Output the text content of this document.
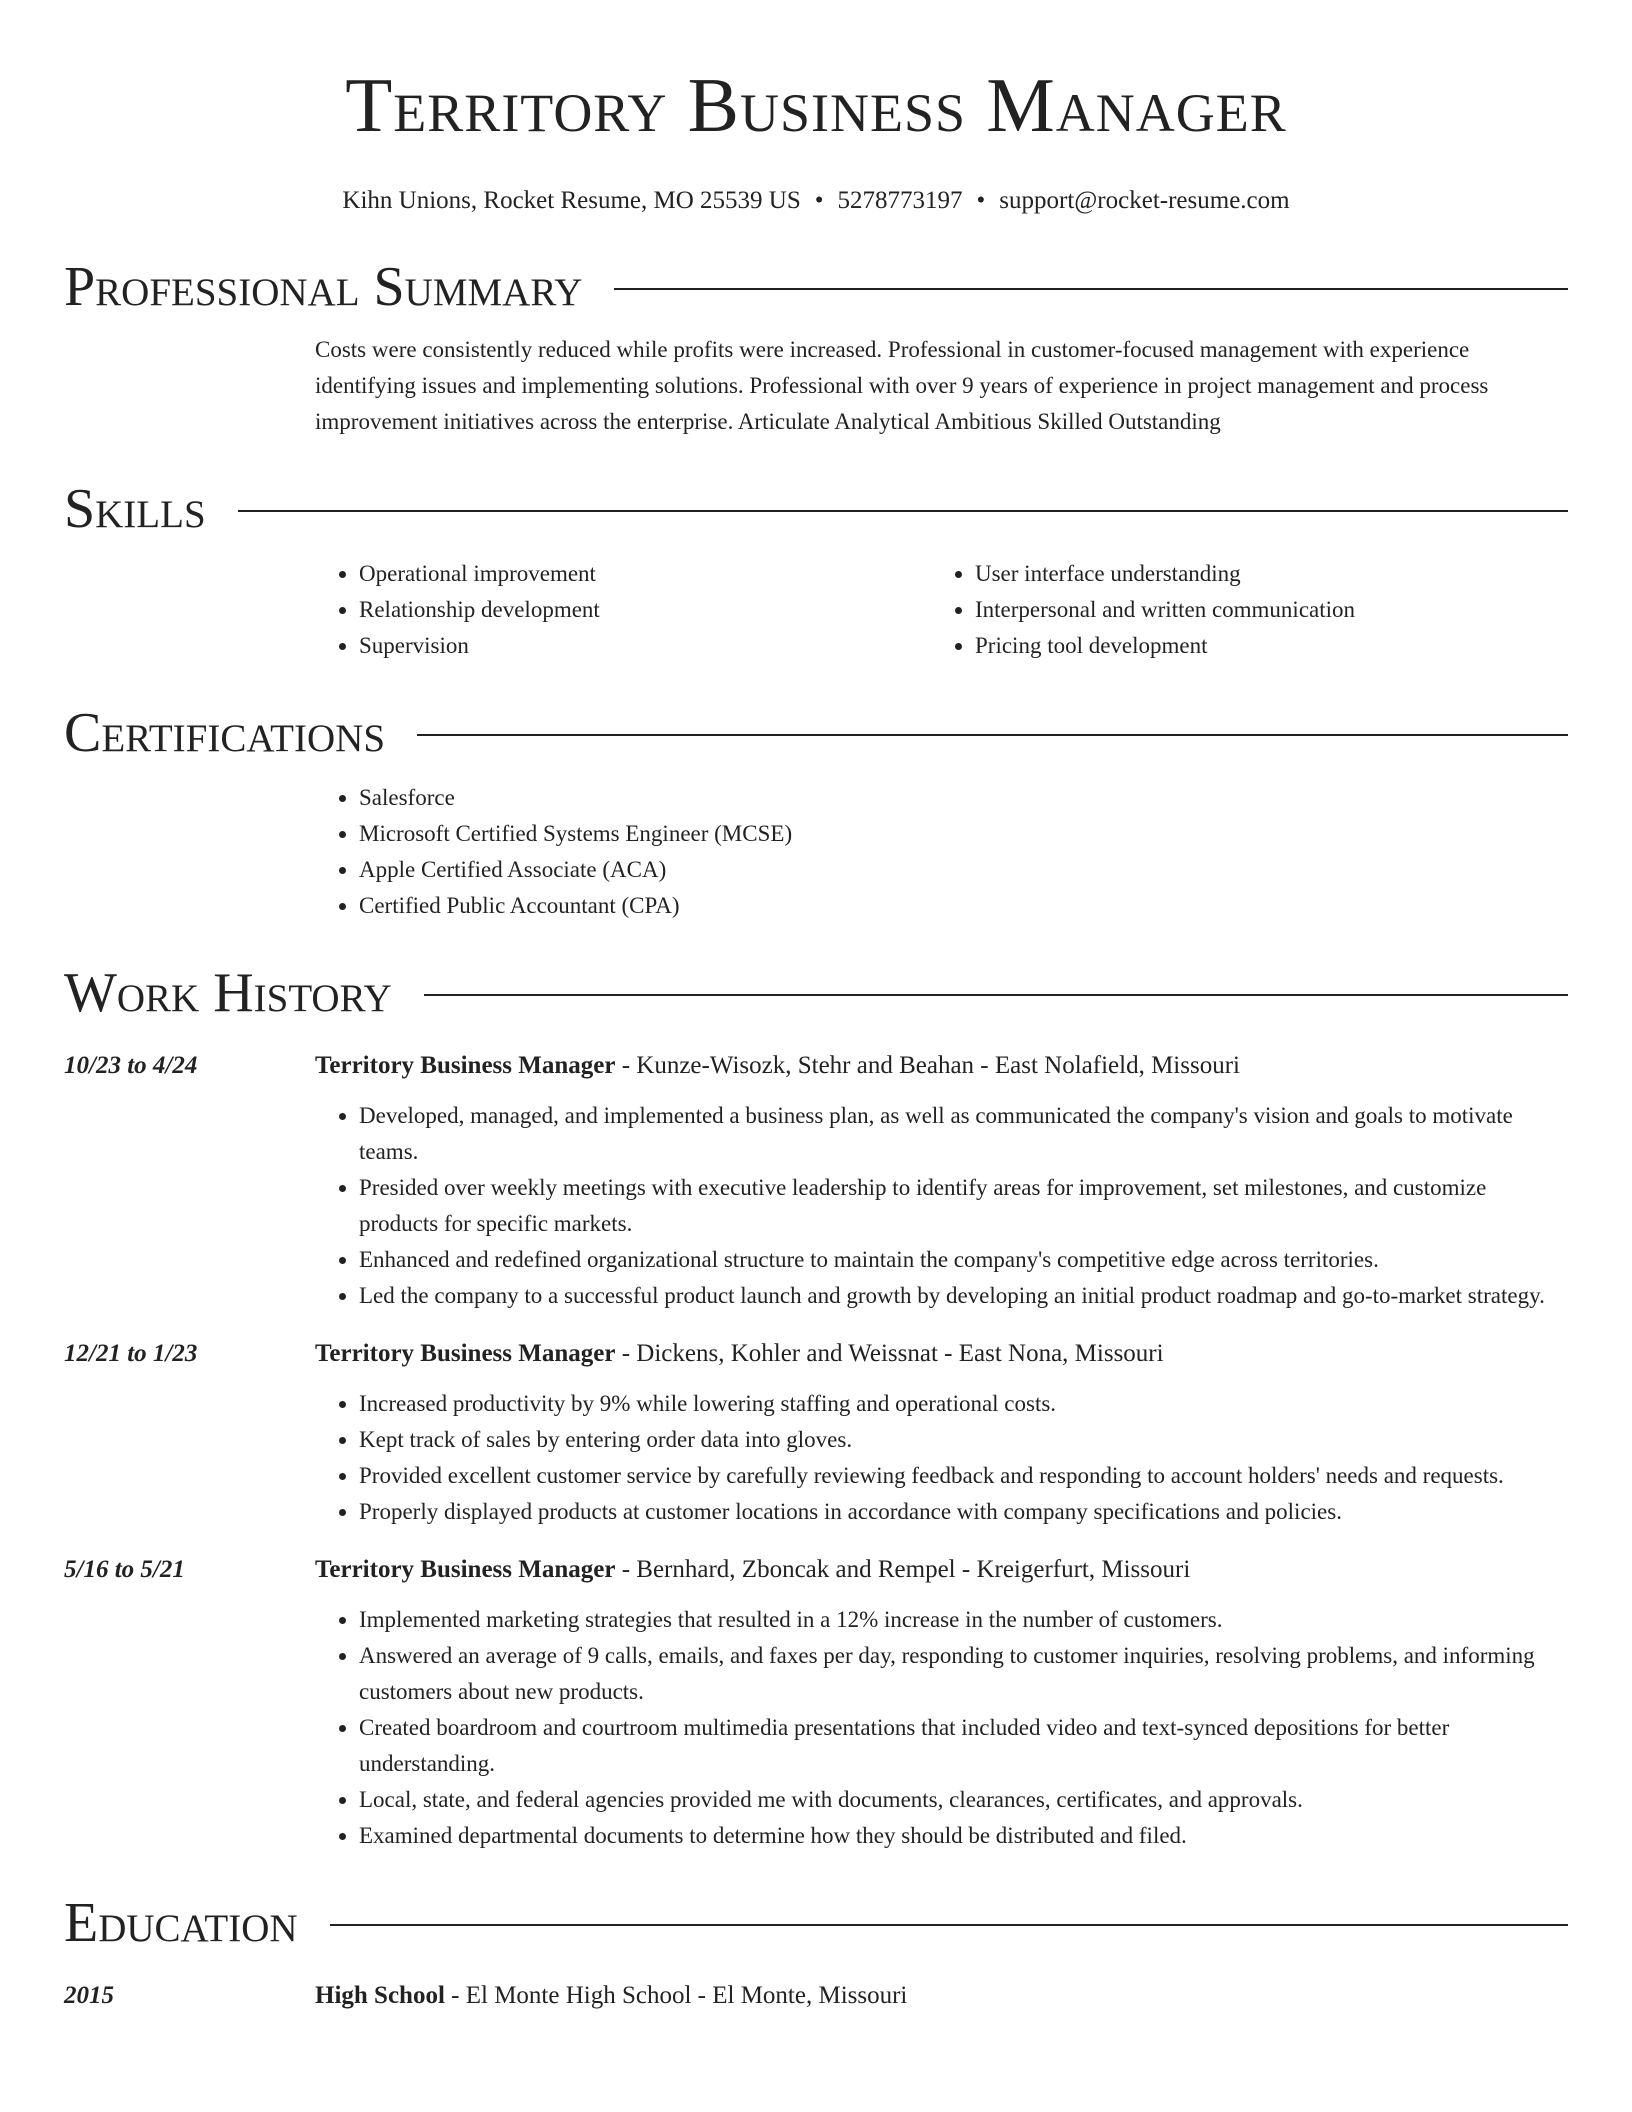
Territory Business Manager
Kihn Unions, Rocket Resume, MO 25539 US • 5278773197 • support@rocket-resume.com
Professional Summary
Costs were consistently reduced while profits were increased. Professional in customer-focused management with experience identifying issues and implementing solutions. Professional with over 9 years of experience in project management and process improvement initiatives across the enterprise. Articulate Analytical Ambitious Skilled Outstanding
Skills
• Operational improvement
• Relationship development
• Supervision
• User interface understanding
• Interpersonal and written communication
• Pricing tool development
Certifications
• Salesforce
• Microsoft Certified Systems Engineer (MCSE)
• Apple Certified Associate (ACA)
• Certified Public Accountant (CPA)
Work History
10/23 to 4/24	Territory Business Manager - Kunze-Wisozk, Stehr and Beahan - East Nolafield, Missouri
• Developed, managed, and implemented a business plan, as well as communicated the company's vision and goals to motivate teams.
• Presided over weekly meetings with executive leadership to identify areas for improvement, set milestones, and customize products for specific markets.
• Enhanced and redefined organizational structure to maintain the company's competitive edge across territories.
• Led the company to a successful product launch and growth by developing an initial product roadmap and go-to-market strategy.
12/21 to 1/23	Territory Business Manager - Dickens, Kohler and Weissnat - East Nona, Missouri
• Increased productivity by 9% while lowering staffing and operational costs.
• Kept track of sales by entering order data into gloves.
• Provided excellent customer service by carefully reviewing feedback and responding to account holders' needs and requests.
• Properly displayed products at customer locations in accordance with company specifications and policies.
5/16 to 5/21	Territory Business Manager - Bernhard, Zboncak and Rempel - Kreigerfurt, Missouri
• Implemented marketing strategies that resulted in a 12% increase in the number of customers.
• Answered an average of 9 calls, emails, and faxes per day, responding to customer inquiries, resolving problems, and informing customers about new products.
• Created boardroom and courtroom multimedia presentations that included video and text-synced depositions for better understanding.
• Local, state, and federal agencies provided me with documents, clearances, certificates, and approvals.
• Examined departmental documents to determine how they should be distributed and filed.
Education
2015	High School - El Monte High School - El Monte, Missouri
